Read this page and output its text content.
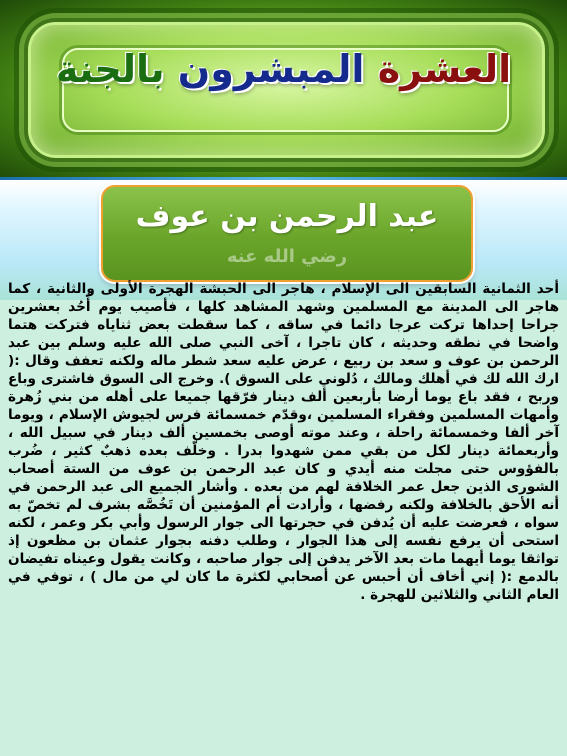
العشرة المبشرون بالجنة
عبد الرحمن بن عوف
رضي الله عنه
أحد الثمانية السابقين الى الإسلام ، هاجر الى الحبشة الهجرة الأولى والثانية ، كما هاجر الى المدينة مع المسلمين وشهد المشاهد كلها ، فأصيب يوم أُحُد بعشرين جراحا إحداها تركت عرجا دائما في ساقه ، كما سقطت بعض ثناياه فتركت هتما واضحا في نطقه وحديثه ، كان تاجرا ، آخى النبي صلى الله عليه وسلم بين عبد الرحمن بن عوف و سعد بن ربيع ، عرض عليه سعد شطر ماله ولكنه تعفف وقال :( ارك الله لك في أهلك ومالك ، دُلوني على السوق ). وخرج الى السوق فاشترى وباع وربح ، فقد باع يوما أرضا بأربعين ألف دينار فرّقها جميعا على أهله من بني زُهرة وأمهات المسلمين وفقراء المسلمين ،وقدّم خمسمائة فرس لجيوش الإسلام ، ويوما آخر ألفا وخمسمائة راحلة ، وعند موته أوصى بخمسين ألف دينار في سبيل الله ، وأربعمائة دينار لكل من بقي ممن شهدوا بدرا . وخلّف بعده ذهبٌ كثير ، ضُرب بالفؤوس حتى مجلت منه أيدي و كان عبد الرحمن بن عوف من الستة أصحاب الشورى الذين جعل عمر الخلافة لهم من بعده . وأشار الجميع الى عبد الرحمن في أنه الأحق بالخلافة ولكنه رفضها ، وأرادت أم المؤمنين أن تَخُصَّه بشرف لم تخصّ به سواه ، فعرضت عليه أن يُدفن في حجرتها الى جوار الرسول وأبي بكر وعمر ، لكنه استحى أن يرفع نفسه إلى هذا الجوار ، وطلب دفنه بجوار عثمان بن مظعون إذ تواثقا يوما أيهما مات بعد الآخر يدفن إلى جوار صاحبه ، وكانت يقول وعيناه تفيضان بالدمع :( إني أخاف أن أحبس عن أصحابي لكثرة ما كان لي من مال ) ، توفي في العام الثاني والثلاثين للهجرة .
